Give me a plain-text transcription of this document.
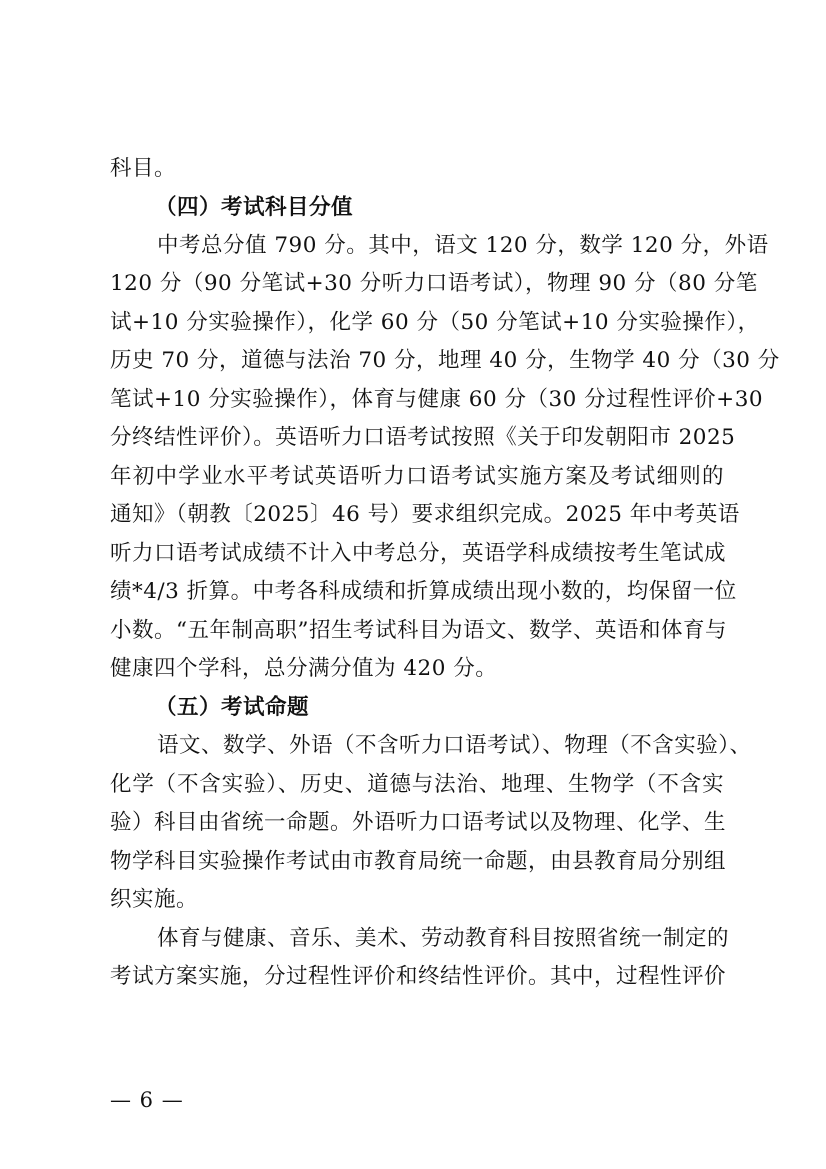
科目。
（四）考试科目分值
中考总分值 790 分。其中，语文 120 分，数学 120 分，外语
120 分（90 分笔试+30 分听力口语考试），物理 90 分（80 分笔
试+10 分实验操作），化学 60 分（50 分笔试+10 分实验操作），
历史 70 分，道德与法治 70 分，地理 40 分，生物学 40 分（30 分
笔试+10 分实验操作），体育与健康 60 分（30 分过程性评价+30
分终结性评价）。英语听力口语考试按照《关于印发朝阳市 2025
年初中学业水平考试英语听力口语考试实施方案及考试细则的
通知》（朝教〔2025〕46 号）要求组织完成。2025 年中考英语
听力口语考试成绩不计入中考总分，英语学科成绩按考生笔试成
绩*4/3 折算。中考各科成绩和折算成绩出现小数的，均保留一位
小数。“五年制高职”招生考试科目为语文、数学、英语和体育与
健康四个学科，总分满分值为 420 分。
（五）考试命题
语文、数学、外语（不含听力口语考试）、物理（不含实验）、
化学（不含实验）、历史、道德与法治、地理、生物学（不含实
验）科目由省统一命题。外语听力口语考试以及物理、化学、生
物学科目实验操作考试由市教育局统一命题，由县教育局分别组
织实施。
体育与健康、音乐、美术、劳动教育科目按照省统一制定的
考试方案实施，分过程性评价和终结性评价。其中，过程性评价
— 6 —
